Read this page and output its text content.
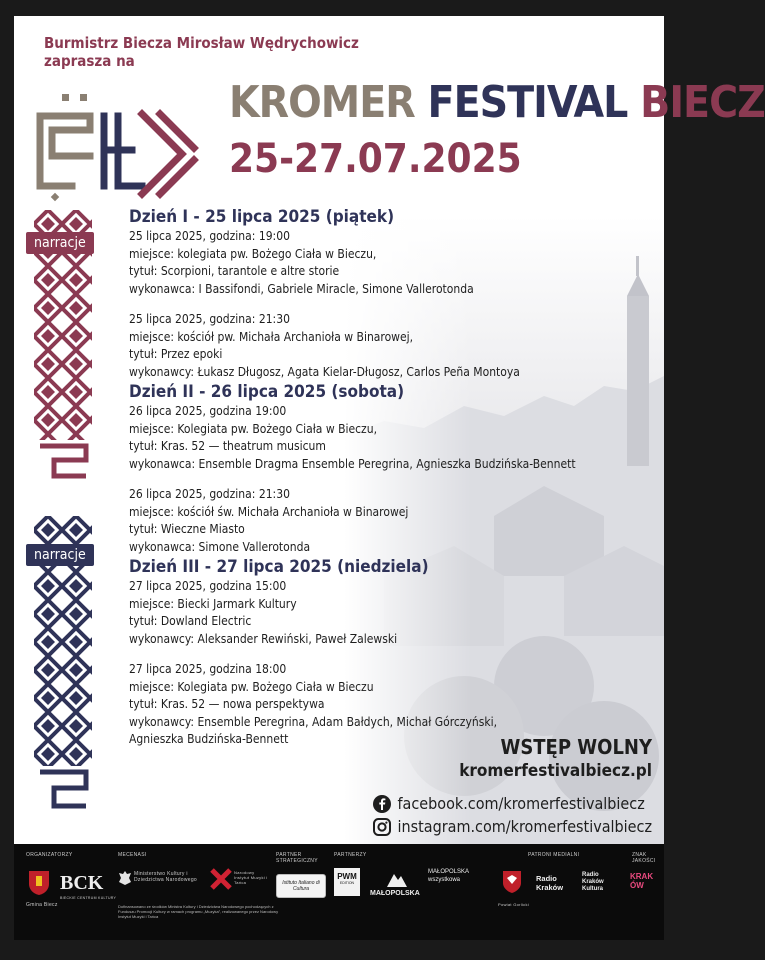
Burmistrz Biecza Mirosław Wędrychowicz
zaprasza na
KROMER FESTIVAL BIECZ
25-27.07.2025
narracje
narracje
Dzień I - 25 lipca 2025 (piątek)
25 lipca 2025, godzina: 19:00
miejsce: kolegiata pw. Bożego Ciała w Bieczu,
tytuł: Scorpioni, tarantole e altre storie
wykonawca: I Bassifondi, Gabriele Miracle, Simone Vallerotonda
25 lipca 2025, godzina: 21:30
miejsce: kościół pw. Michała Archanioła w Binarowej,
tytuł: Przez epoki
wykonawcy: Łukasz Długosz, Agata Kielar-Długosz, Carlos Peña Montoya
Dzień II - 26 lipca 2025 (sobota)
26 lipca 2025, godzina 19:00
miejsce: Kolegiata pw. Bożego Ciała w Bieczu,
tytuł: Kras. 52 — theatrum musicum
wykonawca: Ensemble Dragma Ensemble Peregrina, Agnieszka Budzińska-Bennett
26 lipca 2025, godzina: 21:30
miejsce: kościół św. Michała Archanioła w Binarowej
tytuł: Wieczne Miasto
wykonawca: Simone Vallerotonda
Dzień III - 27 lipca 2025 (niedziela)
27 lipca 2025, godzina 15:00
miejsce: Biecki Jarmark Kultury
tytuł: Dowland Electric
wykonawcy: Aleksander Rewiński, Paweł Zalewski
27 lipca 2025, godzina 18:00
miejsce: Kolegiata pw. Bożego Ciała w Bieczu
tytuł: Kras. 52 — nowa perspektywa
wykonawcy: Ensemble Peregrina, Adam Bałdych, Michał Górczyński,
Agnieszka Budzińska-Bennett	WSTĘP WOLNY
kromerfestivalbiecz.pl
facebook.com/kromerfestivalbiecz
instagram.com/kromerfestivalbiecz
ORGANIZATORZY
Gmina Biecz
BCK
BIECKIE CENTRUM KULTURY
MECENASI
Ministerstwo Kultury i Dziedzictwa Narodowego
Narodowy Instytut Muzyki i Tańca
Dofinansowano ze środków Ministra Kultury i Dziedzictwa Narodowego pochodzących z Funduszu Promocji Kultury w ramach programu „Muzyka”, realizowanego przez Narodowy Instytut Muzyki i Tańca
PARTNER STRATEGICZNY
Istituto Italiano di Cultura
PARTNERZY
PWM
EDITION
MAŁOPOLSKA
MAŁOPOLSKA wszystkowa
PATRONI MEDIALNI
Powiat Gorlicki
Radio Kraków
Radio Kraków Kultura
ZNAK JAKOŚCI
KRAKÓW
